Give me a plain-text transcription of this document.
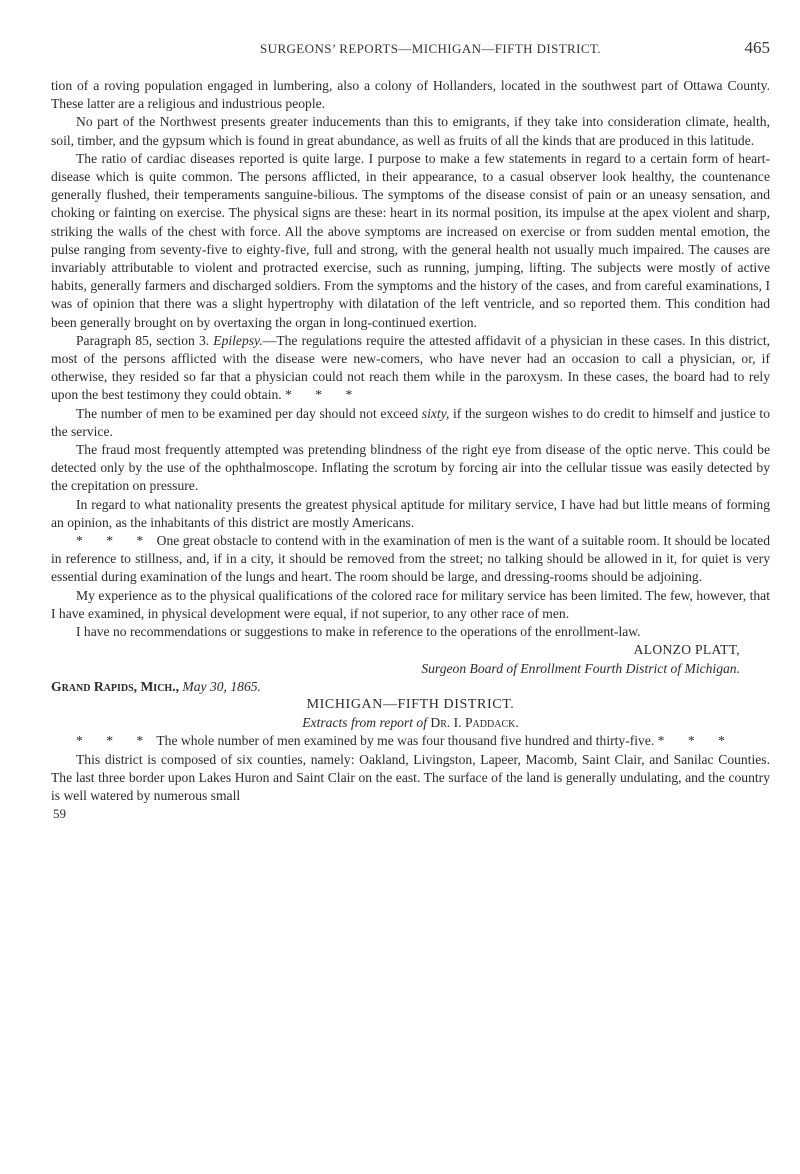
SURGEONS’ REPORTS—MICHIGAN—FIFTH DISTRICT.	465

tion of a roving population engaged in lumbering, also a colony of Hollanders, located in the southwest part of Ottawa County. These latter are a religious and industrious people.

No part of the Northwest presents greater inducements than this to emigrants, if they take into consideration climate, health, soil, timber, and the gypsum which is found in great abundance, as well as fruits of all the kinds that are produced in this latitude.

The ratio of cardiac diseases reported is quite large. I purpose to make a few statements in regard to a certain form of heart-disease which is quite common. The persons afflicted, in their appearance, to a casual observer look healthy, the countenance generally flushed, their temperaments sanguine-bilious. The symptoms of the disease consist of pain or an uneasy sensation, and choking or fainting on exercise. The physical signs are these: heart in its normal position, its impulse at the apex violent and sharp, striking the walls of the chest with force. All the above symptoms are increased on exercise or from sudden mental emotion, the pulse ranging from seventy-five to eighty-five, full and strong, with the general health not usually much impaired. The causes are invariably attributable to violent and protracted exercise, such as running, jumping, lifting. The subjects were mostly of active habits, generally farmers and discharged soldiers. From the symptoms and the history of the cases, and from careful examinations, I was of opinion that there was a slight hypertrophy with dilatation of the left ventricle, and so reported them. This condition had been generally brought on by overtaxing the organ in long-continued exertion.

Paragraph 85, section 3. Epilepsy.—The regulations require the attested affidavit of a physician in these cases. In this district, most of the persons afflicted with the disease were new-comers, who have never had an occasion to call a physician, or, if otherwise, they resided so far that a physician could not reach them while in the paroxysm. In these cases, the board had to rely upon the best testimony they could obtain. * * *

The number of men to be examined per day should not exceed sixty, if the surgeon wishes to do credit to himself and justice to the service.

The fraud most frequently attempted was pretending blindness of the right eye from disease of the optic nerve. This could be detected only by the use of the ophthalmoscope. Inflating the scrotum by forcing air into the cellular tissue was easily detected by the crepitation on pressure.

In regard to what nationality presents the greatest physical aptitude for military service, I have had but little means of forming an opinion, as the inhabitants of this district are mostly Americans.

* * * One great obstacle to contend with in the examination of men is the want of a suitable room. It should be located in reference to stillness, and, if in a city, it should be removed from the street; no talking should be allowed in it, for quiet is very essential during examination of the lungs and heart. The room should be large, and dressing-rooms should be adjoining.

My experience as to the physical qualifications of the colored race for military service has been limited. The few, however, that I have examined, in physical development were equal, if not superior, to any other race of men.

I have no recommendations or suggestions to make in reference to the operations of the enrollment-law.

ALONZO PLATT,

Surgeon Board of Enrollment Fourth District of Michigan.

Grand Rapids, Mich., May 30, 1865.

MICHIGAN—FIFTH DISTRICT.

Extracts from report of Dr. I. Paddack.

* * * The whole number of men examined by me was four thousand five hundred and thirty-five. * * *

This district is composed of six counties, namely: Oakland, Livingston, Lapeer, Macomb, Saint Clair, and Sanilac Counties. The last three border upon Lakes Huron and Saint Clair on the east. The surface of the land is generally undulating, and the country is well watered by numerous small

59
